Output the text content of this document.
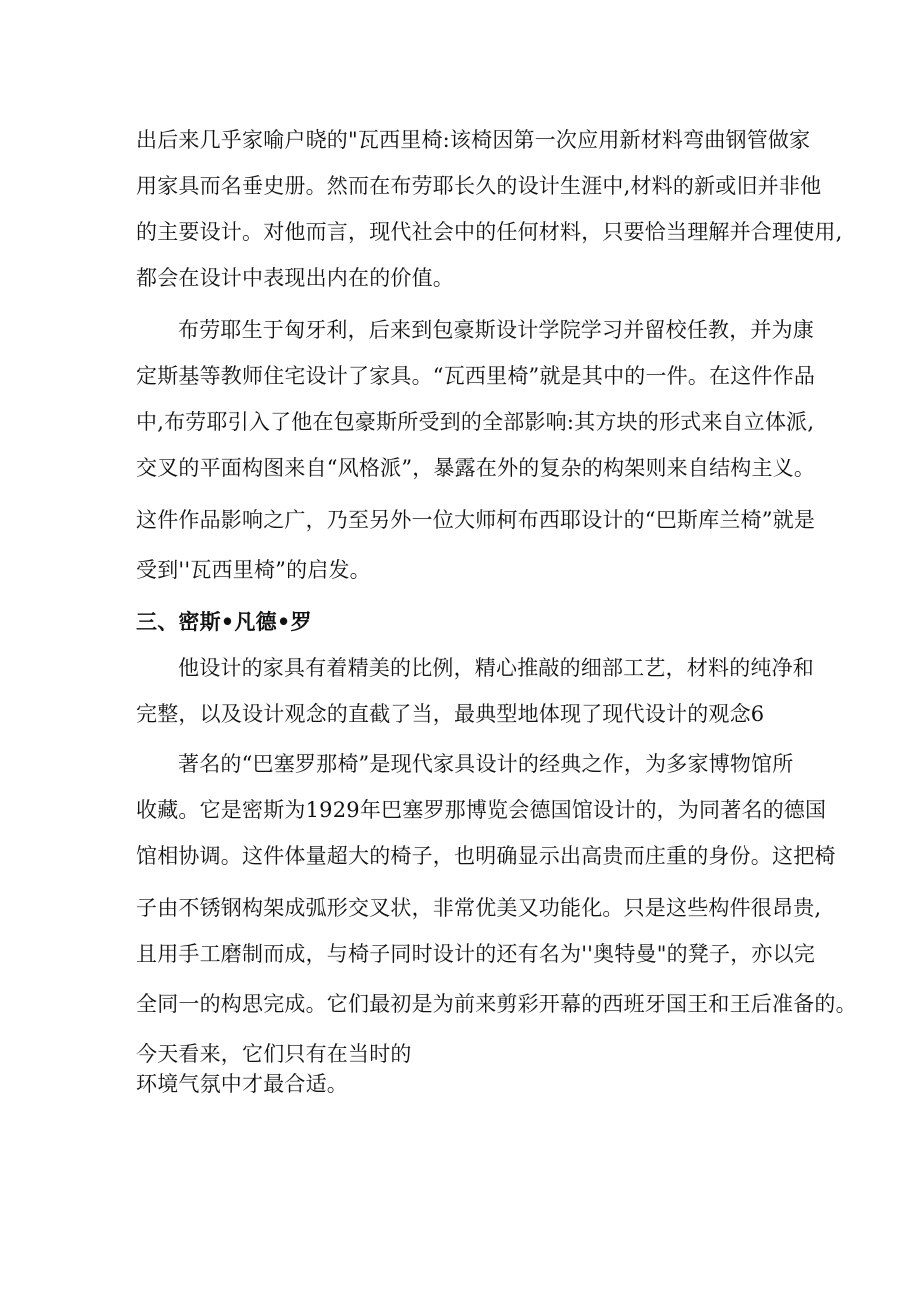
出后来几乎家喻户晓的"瓦西里椅:该椅因第一次应用新材料弯曲钢管做家
用家具而名垂史册。然而在布劳耶长久的设计生涯中,材料的新或旧并非他
的主要设计。对他而言，现代社会中的任何材料，只要恰当理解并合理使用,
都会在设计中表现出内在的价值。
布劳耶生于匈牙利，后来到包豪斯设计学院学习并留校任教，并为康
定斯基等教师住宅设计了家具。“瓦西里椅”就是其中的一件。在这件作品
中,布劳耶引入了他在包豪斯所受到的全部影响:其方块的形式来自立体派,
交叉的平面构图来自“风格派”，暴露在外的复杂的构架则来自结构主义。
这件作品影响之广，乃至另外一位大师柯布西耶设计的“巴斯库兰椅”就是
受到''瓦西里椅”的启发。
三、密斯•凡德•罗
他设计的家具有着精美的比例，精心推敲的细部工艺，材料的纯净和
完整，以及设计观念的直截了当，最典型地体现了现代设计的观念6
著名的“巴塞罗那椅”是现代家具设计的经典之作，为多家博物馆所
收藏。它是密斯为1929年巴塞罗那博览会德国馆设计的，为同著名的德国
馆相协调。这件体量超大的椅子，也明确显示出高贵而庄重的身份。这把椅
子由不锈钢构架成弧形交叉状，非常优美又功能化。只是这些构件很昂贵,
且用手工磨制而成，与椅子同时设计的还有名为''奥特曼"的凳子，亦以完
全同一的构思完成。它们最初是为前来剪彩开幕的西班牙国王和王后准备的。
今天看来，它们只有在当时的
环境气氛中才最合适。
